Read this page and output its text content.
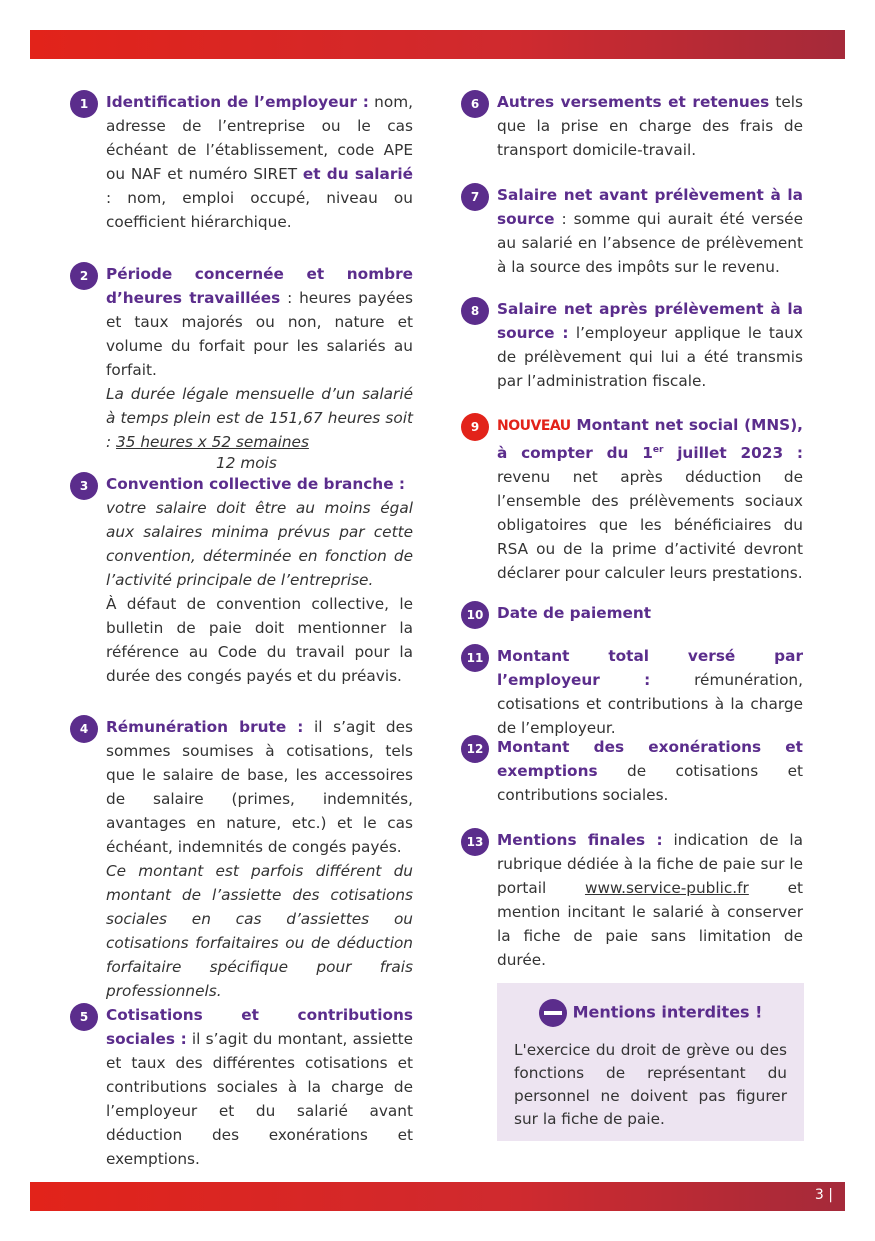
1	Identification de l’employeur : nom, adresse de l’entreprise ou le cas échéant de l’établissement, code APE ou NAF et numéro SIRET et du salarié : nom, emploi occupé, niveau ou coefficient hiérarchique.
2	Période concernée et nombre d’heures travaillées : heures payées et taux majorés ou non, nature et volume du forfait pour les salariés au forfait.

La durée légale mensuelle d’un salarié à temps plein est de 151,67 heures soit : 35 heures x 52 semaines

12 mois

3	Convention collective de branche :

votre salaire doit être au moins égal aux salaires minima prévus par cette convention, déterminée en fonction de l’activité principale de l’entreprise.

À défaut de convention collective, le bulletin de paie doit mentionner la référence au Code du travail pour la durée des congés payés et du préavis.

4	Rémunération brute : il s’agit des sommes soumises à cotisations, tels que le salaire de base, les accessoires de salaire (primes, indemnités, avantages en nature, etc.) et le cas échéant, indemnités de congés payés.

Ce montant est parfois différent du montant de l’assiette des cotisations sociales en cas d’assiettes ou cotisations forfaitaires ou de déduction forfaitaire spécifique pour frais professionnels.

5	Cotisations et contributions sociales : il s’agit du montant, assiette et taux des différentes cotisations et contributions sociales à la charge de l’employeur et du salarié avant déduction des exonérations et exemptions.
6	Autres versements et retenues tels que la prise en charge des frais de transport domicile-travail.
7	Salaire net avant prélèvement à la source : somme qui aurait été versée au salarié en l’absence de prélèvement à la source des impôts sur le revenu.
8	Salaire net après prélèvement à la source : l’employeur applique le taux de prélèvement qui lui a été transmis par l’administration fiscale.
9	NOUVEAU Montant net social (MNS), à compter du 1er juillet 2023 : revenu net après déduction de l’ensemble des prélèvements sociaux obligatoires que les bénéficiaires du RSA ou de la prime d’activité devront déclarer pour calculer leurs prestations.
10 Date de paiement
11 Montant total versé par l’employeur : rémunération, cotisations et contributions à la charge de l’employeur.
12 Montant des exonérations et exemptions de cotisations et contributions sociales.
13 Mentions finales : indication de la rubrique dédiée à la fiche de paie sur le portail www.service-public.fr et mention incitant le salarié à conserver la fiche de paie sans limitation de durée.
Mentions interdites !
L'exercice du droit de grève ou des fonctions de représentant du personnel ne doivent pas figurer sur la fiche de paie.
3 |
